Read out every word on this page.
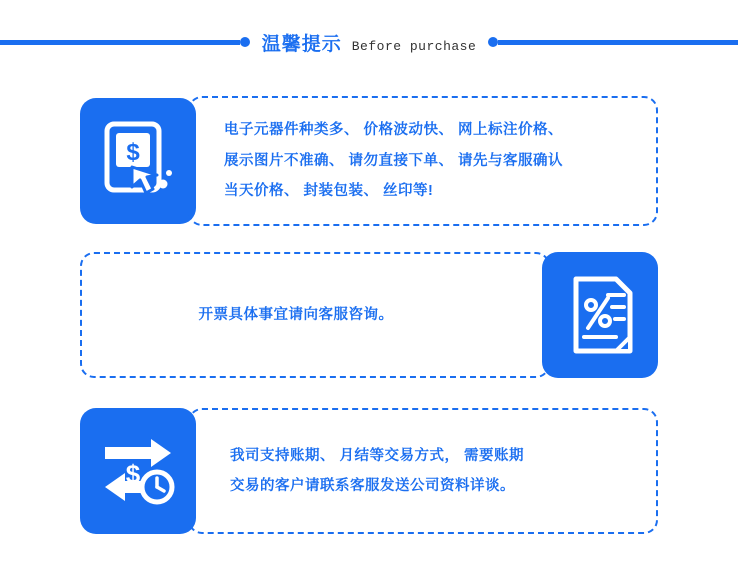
温馨提示 Before purchase
$

电子元器件种类多、 价格波动快、 网上标注价格、

展示图片不准确、 请勿直接下单、 请先与客服确认

当天价格、 封装包装、 丝印等!

开票具体事宜请向客服咨询。

$

我司支持账期、 月结等交易方式， 需要账期

交易的客户请联系客服发送公司资料详谈。
